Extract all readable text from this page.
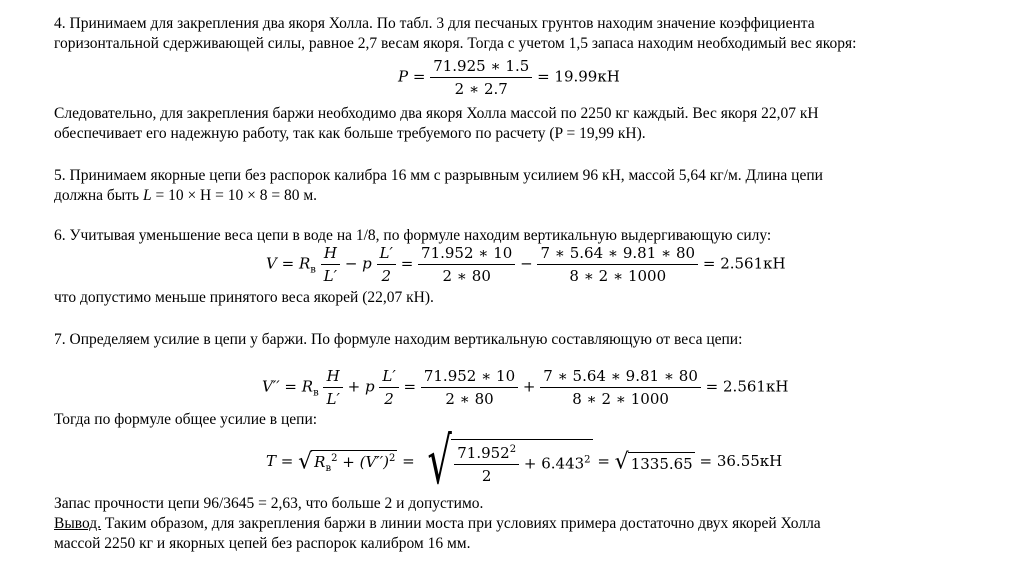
4. Принимаем для закрепления два якоря Холла. По табл. 3 для песчаных грунтов находим значение коэффициента
горизонтальной сдерживающей силы, равное 2,7 весам якоря. Тогда с учетом 1,5 запаса находим необходимый вес якоря:
$P = \frac{71.925 ∗ 1.5}{2 ∗ 2.7} = 19.99кН$
Следовательно, для закрепления баржи необходимо два якоря Холла массой по 2250 кг каждый. Вес якоря 22,07 кН
обеспечивает его надежную работу, так как больше требуемого по расчету (P = 19,99 кН).
5. Принимаем якорные цепи без распорок калибра 16 мм с разрывным усилием 96 кН, массой 5,64 кг/м. Длина цепи
должна быть L = 10 × H = 10 × 8 = 80 м.
6. Учитывая уменьшение веса цепи в воде на 1/8, по формуле находим вертикальную выдергивающую силу:
$V = R_в \frac{H}{L'} - p \frac{L'}{2} = \frac{71.952 ∗ 10}{2 ∗ 80} - \frac{7 ∗ 5.64 ∗ 9.81 ∗ 80}{8 ∗ 2 ∗ 1000} = 2.561кН$
что допустимо меньше принятого веса якорей (22,07 кН).
7. Определяем усилие в цепи у баржи. По формуле находим вертикальную составляющую от веса цепи:
$V'' = R_в \frac{H}{L'} + p \frac{L'}{2} = \frac{71.952 ∗ 10}{2 ∗ 80} + \frac{7 ∗ 5.64 ∗ 9.81 ∗ 80}{8 ∗ 2 ∗ 1000} = 2.561кН$
Тогда по формуле общее усилие в цепи:
T = √ $R_в^2 + (V'')^2$ = √ $\frac{71.952^2}{2} + 6.443^2$ = √ 1335.65 = 36.55кН
Запас прочности цепи 96/3645 = 2,63, что больше 2 и допустимо.
Вывод. Таким образом, для закрепления баржи в линии моста при условиях примера достаточно двух якорей Холла
массой 2250 кг и якорных цепей без распорок калибром 16 мм.
